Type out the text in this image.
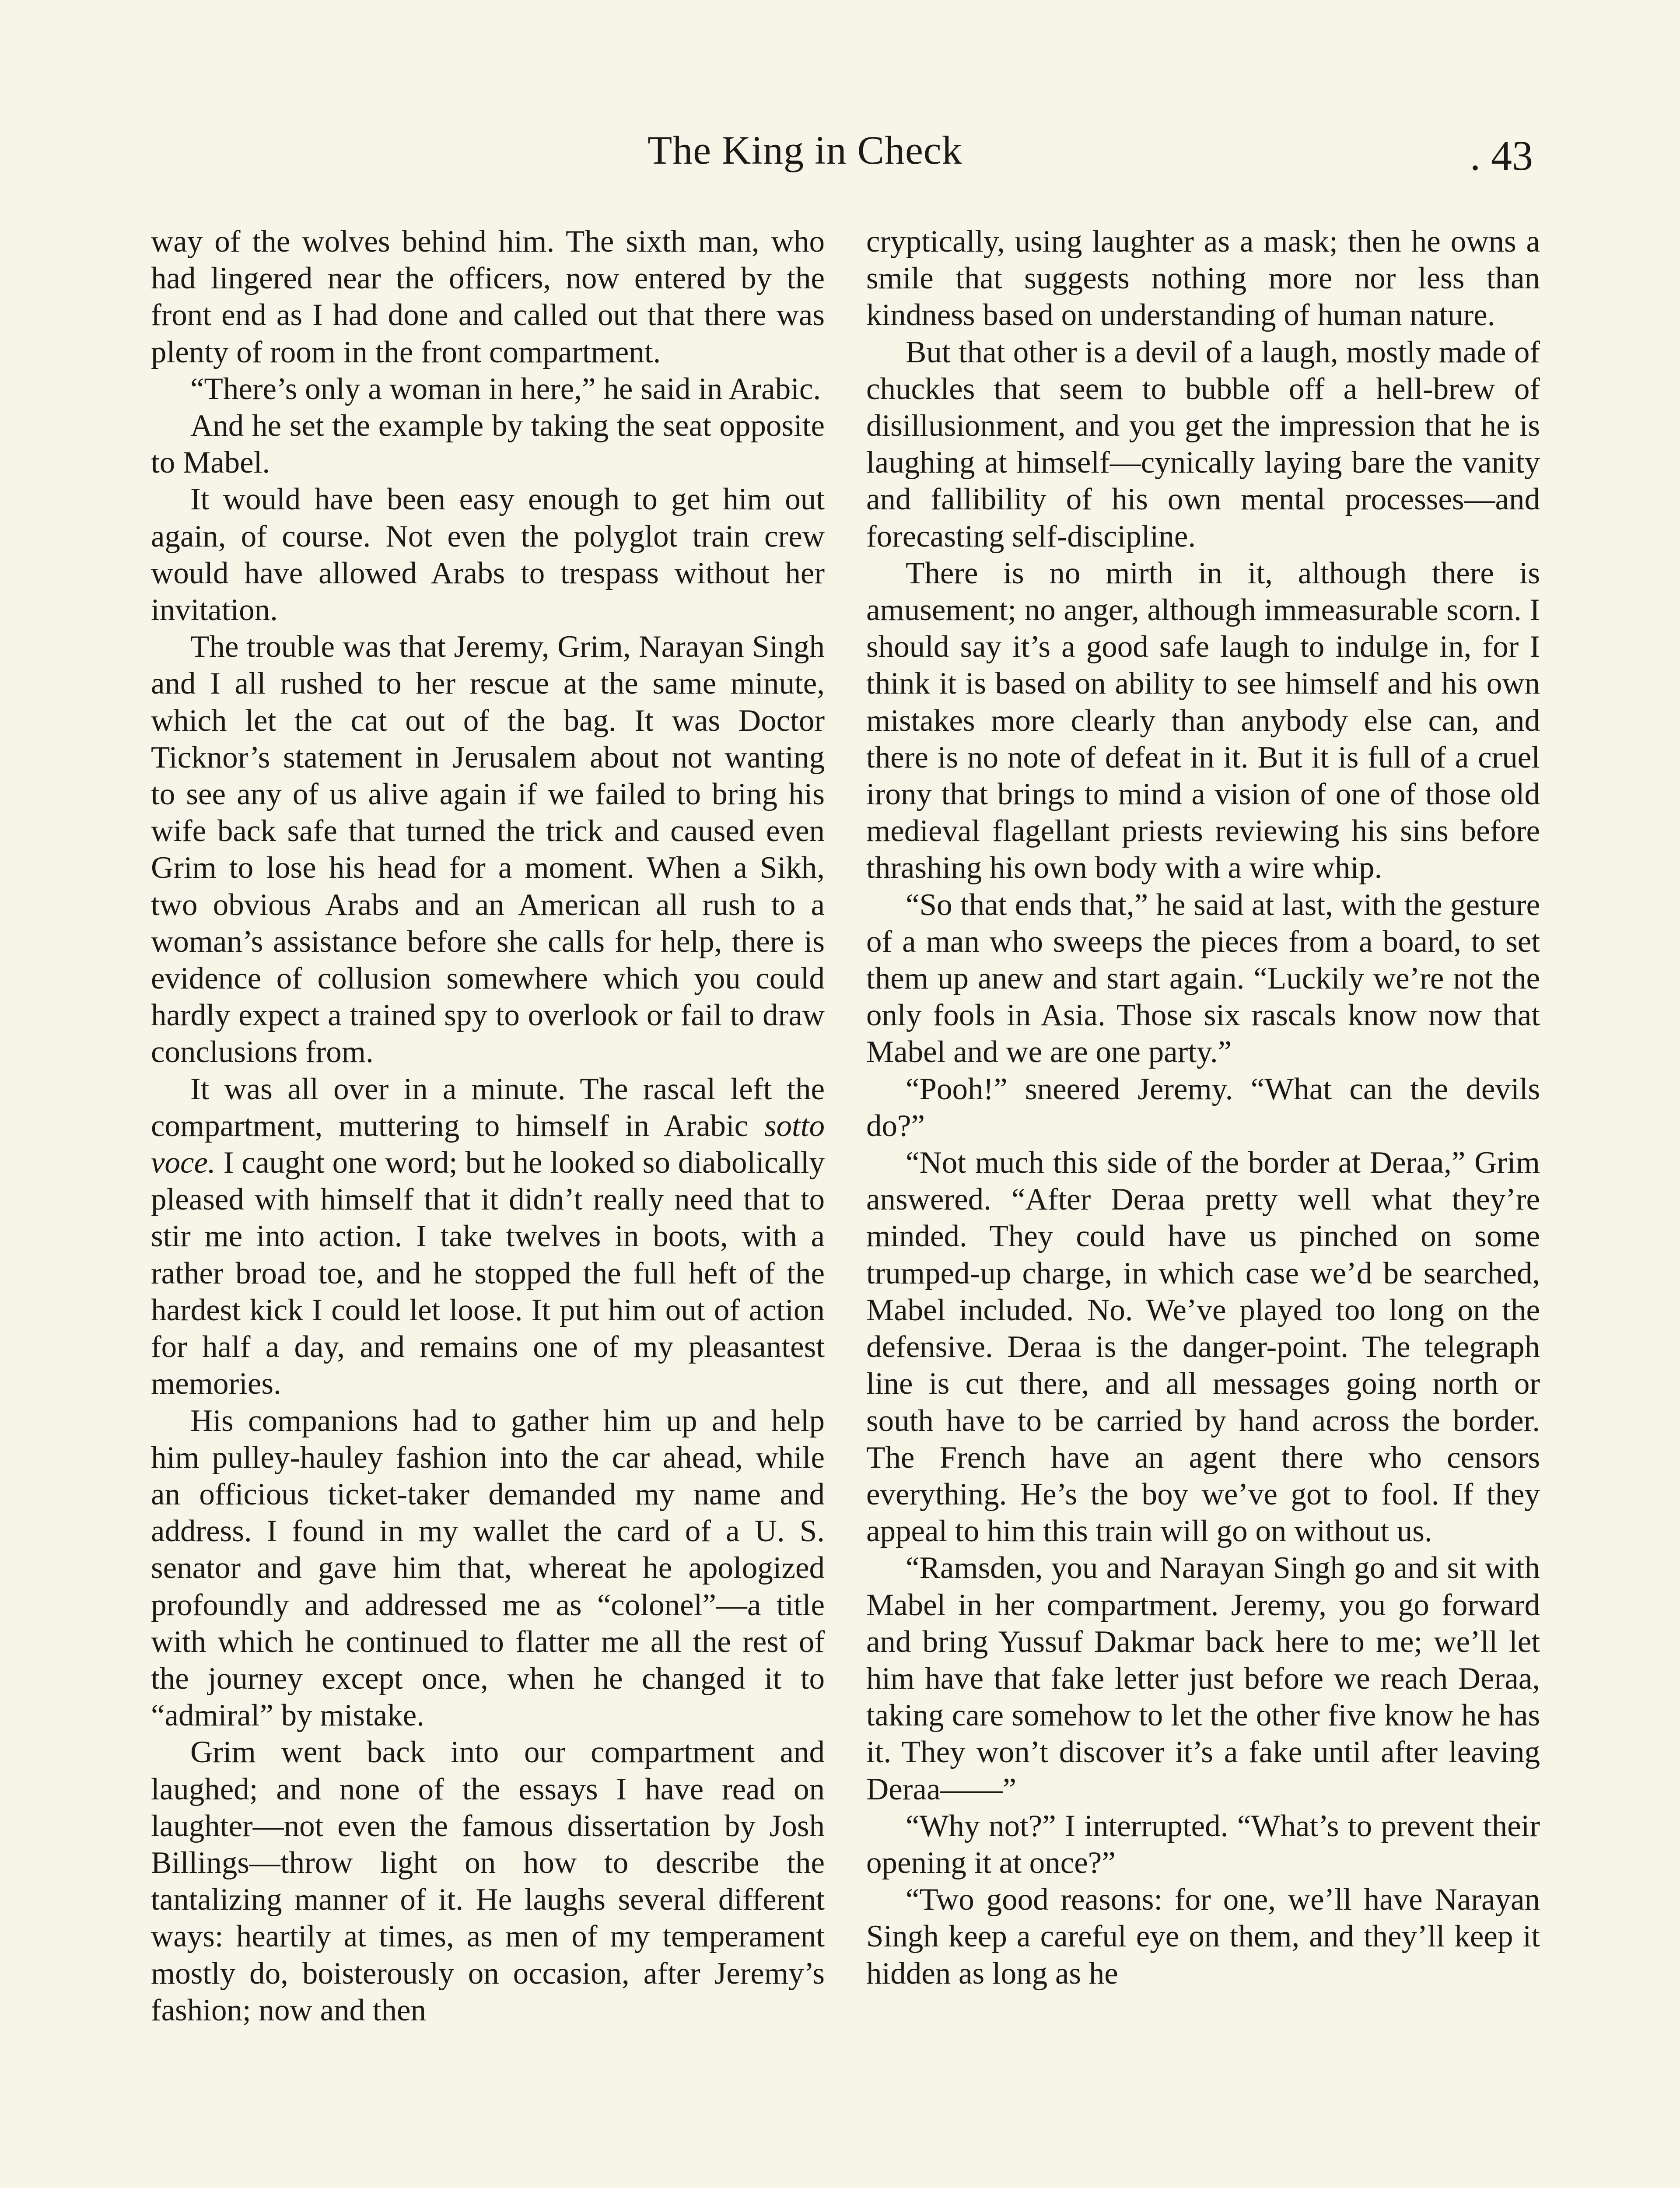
The King in Check	. 43

way of the wolves behind him. The sixth man, who had lingered near the officers, now entered by the front end as I had done and called out that there was plenty of room in the front compartment.

“There’s only a woman in here,” he said in Arabic.

And he set the example by taking the seat opposite to Mabel.

It would have been easy enough to get him out again, of course. Not even the polyglot train crew would have allowed Arabs to trespass without her invitation.

The trouble was that Jeremy, Grim, Narayan Singh and I all rushed to her rescue at the same minute, which let the cat out of the bag. It was Doctor Ticknor’s statement in Jerusalem about not wanting to see any of us alive again if we failed to bring his wife back safe that turned the trick and caused even Grim to lose his head for a moment. When a Sikh, two obvious Arabs and an American all rush to a woman’s assistance before she calls for help, there is evidence of collusion somewhere which you could hardly expect a trained spy to overlook or fail to draw conclusions from.

It was all over in a minute. The rascal left the compartment, muttering to himself in Arabic sotto voce. I caught one word; but he looked so diabolically pleased with himself that it didn’t really need that to stir me into action. I take twelves in boots, with a rather broad toe, and he stopped the full heft of the hardest kick I could let loose. It put him out of action for half a day, and remains one of my pleasantest memories.

His companions had to gather him up and help him pulley-hauley fashion into the car ahead, while an officious ticket-taker demanded my name and address. I found in my wallet the card of a U. S. senator and gave him that, whereat he apologized profoundly and addressed me as “colonel”—a title with which he continued to flatter me all the rest of the journey except once, when he changed it to “admiral” by mistake.

Grim went back into our compartment and laughed; and none of the essays I have read on laughter—not even the famous dissertation by Josh Billings—throw light on how to describe the tantalizing manner of it. He laughs several different ways: heartily at times, as men of my temperament mostly do, boisterously on occasion, after Jeremy’s fashion; now and then

cryptically, using laughter as a mask; then he owns a smile that suggests nothing more nor less than kindness based on understanding of human nature.

But that other is a devil of a laugh, mostly made of chuckles that seem to bubble off a hell-brew of disillusionment, and you get the impression that he is laughing at himself—cynically laying bare the vanity and fallibility of his own mental processes—and forecasting self-discipline.

There is no mirth in it, although there is amusement; no anger, although immeasurable scorn. I should say it’s a good safe laugh to indulge in, for I think it is based on ability to see himself and his own mistakes more clearly than anybody else can, and there is no note of defeat in it. But it is full of a cruel irony that brings to mind a vision of one of those old medieval flagellant priests reviewing his sins before thrashing his own body with a wire whip.

“So that ends that,” he said at last, with the gesture of a man who sweeps the pieces from a board, to set them up anew and start again. “Luckily we’re not the only fools in Asia. Those six rascals know now that Mabel and we are one party.”

“Pooh!” sneered Jeremy. “What can the devils do?”

“Not much this side of the border at Deraa,” Grim answered. “After Deraa pretty well what they’re minded. They could have us pinched on some trumped-up charge, in which case we’d be searched, Mabel included. No. We’ve played too long on the defensive. Deraa is the danger-point. The telegraph line is cut there, and all messages going north or south have to be carried by hand across the border. The French have an agent there who censors everything. He’s the boy we’ve got to fool. If they appeal to him this train will go on without us.

“Ramsden, you and Narayan Singh go and sit with Mabel in her compartment. Jeremy, you go forward and bring Yussuf Dakmar back here to me; we’ll let him have that fake letter just before we reach Deraa, taking care somehow to let the other five know he has it. They won’t discover it’s a fake until after leaving Deraa——”

“Why not?” I interrupted. “What’s to prevent their opening it at once?”

“Two good reasons: for one, we’ll have Narayan Singh keep a careful eye on them, and they’ll keep it hidden as long as he
